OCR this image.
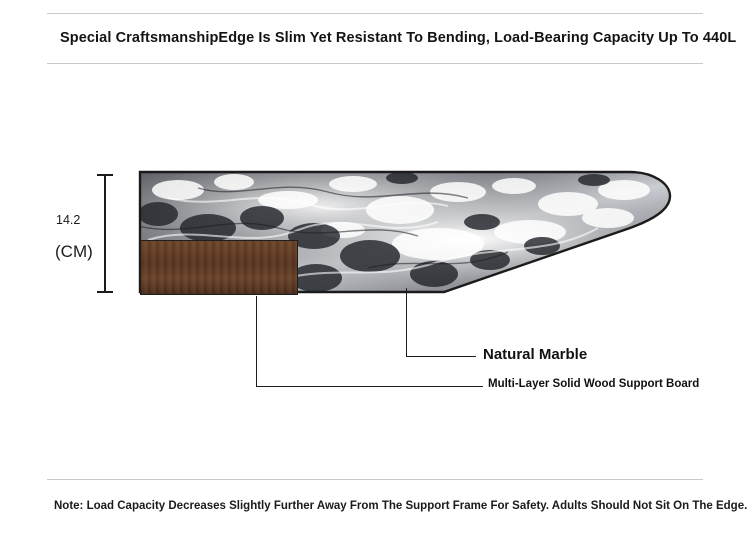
Special CraftsmanshipEdge Is Slim Yet Resistant To Bending, Load-Bearing Capacity Up To 440L
14.2
(CM)
Natural Marble
Multi-Layer Solid Wood Support Board
Note: Load Capacity Decreases Slightly Further Away From The Support Frame For Safety. Adults Should Not Sit On The Edge.
